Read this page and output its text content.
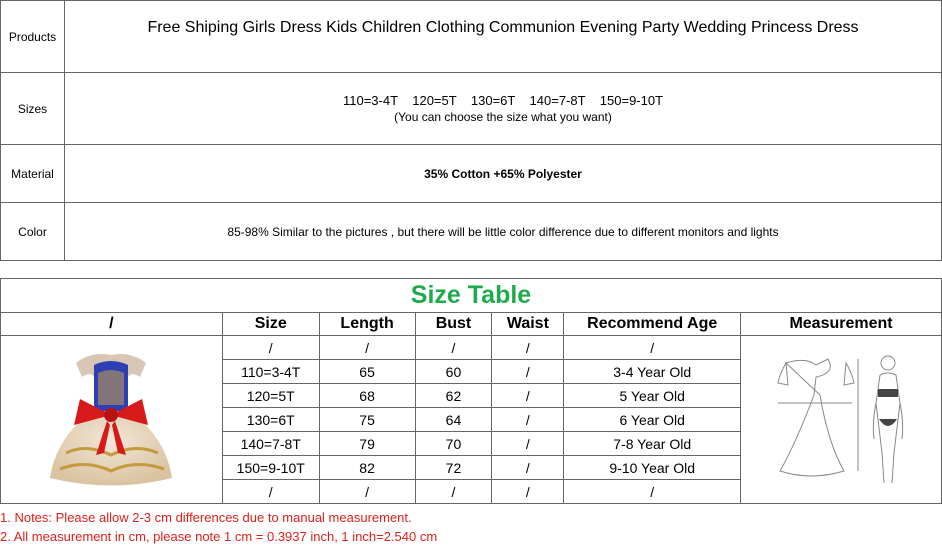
Products	Free Shiping Girls Dress Kids Children Clothing Communion Evening Party Wedding Princess Dress
Sizes	110=3-4T    120=5T    130=6T    140=7-8T    150=9-10T
(You can choose the size what you want)

Material	35% Cotton +65% Polyester
Color	85-98% Similar to the pictures , but there will be little color difference due to different monitors and lights
Size Table						
/	Size	Length	Bust	Waist	Recommend Age	Measurement
	/	/	/	/	/	
	110=3-4T	65	60	/	3-4 Year Old	
	120=5T	68	62	/	5 Year Old	
	130=6T	75	64	/	6 Year Old	
	140=7-8T	79	70	/	7-8 Year Old	
	150=9-10T	82	72	/	9-10 Year Old	
	/	/	/	/	/	
1. Notes: Please allow 2-3 cm differences due to manual measurement.
2. All measurement in cm, please note 1 cm = 0.3937 inch, 1 inch=2.540 cm
